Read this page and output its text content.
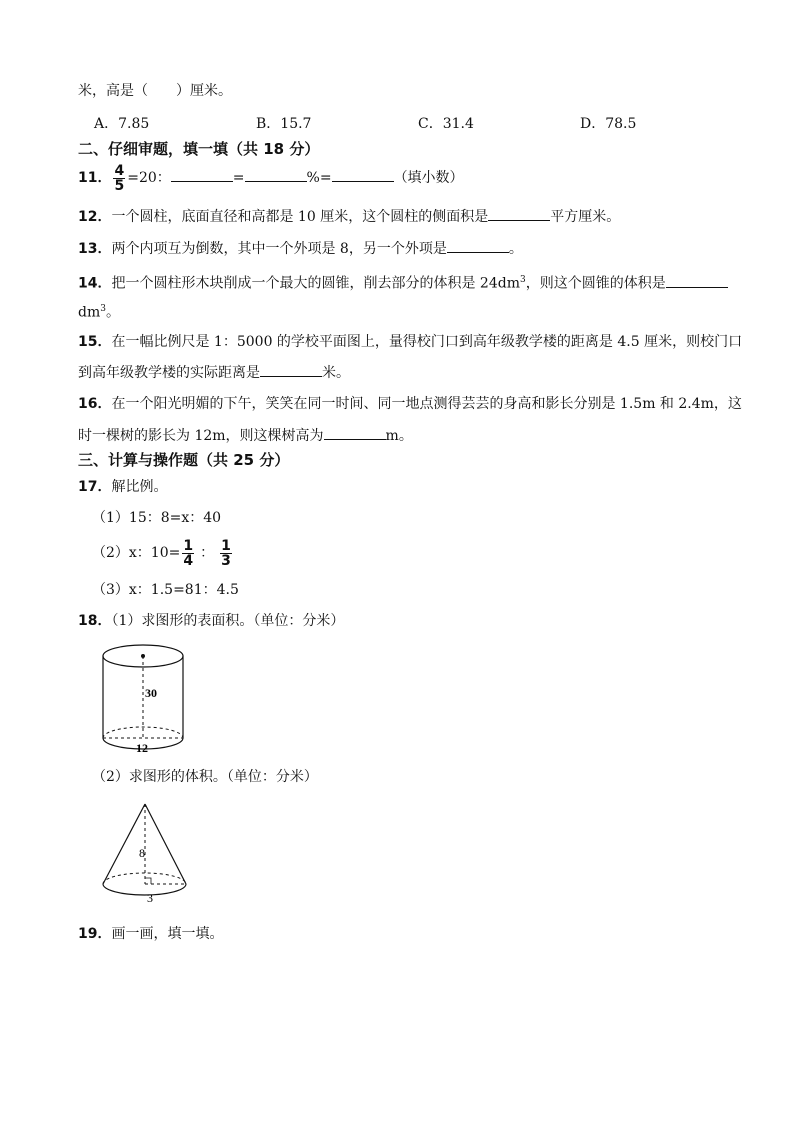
米，高是（　　）厘米。
A．7.85	B．15.7	C．31.4	D．78.5
二、仔细审题，填一填（共 18 分）
11． $\frac{4}{5} =20$：	=	%=	（填小数）
12．一个圆柱，底面直径和高都是 10 厘米，这个圆柱的侧面积是	平方厘米。
13．两个内项互为倒数，其中一个外项是 8，另一个外项是	。
14．把一个圆柱形木块削成一个最大的圆锥，削去部分的体积是 $24dm^3$，则这个圆锥的体积是
$dm^3$。
15．在一幅比例尺是 1：5000 的学校平面图上，量得校门口到高年级教学楼的距离是 4.5 厘米，则校门口
到高年级教学楼的实际距离是	米。
16．在一个阳光明媚的下午，笑笑在同一时间、同一地点测得芸芸的身高和影长分别是 1.5m 和 2.4m，这
时一棵树的影长为 12m，则这棵树高为	m。
三、计算与操作题（共 25 分）
17．解比例。
（1）15：8=x：40
（2）x：$10= \frac{1}{4}$ ： $\frac{1}{3}$
（3）x：1.5=81：4.5
18．（1）求图形的表面积。（单位：分米）
30
12
（2）求图形的体积。（单位：分米）
8
3
19．画一画，填一填。
